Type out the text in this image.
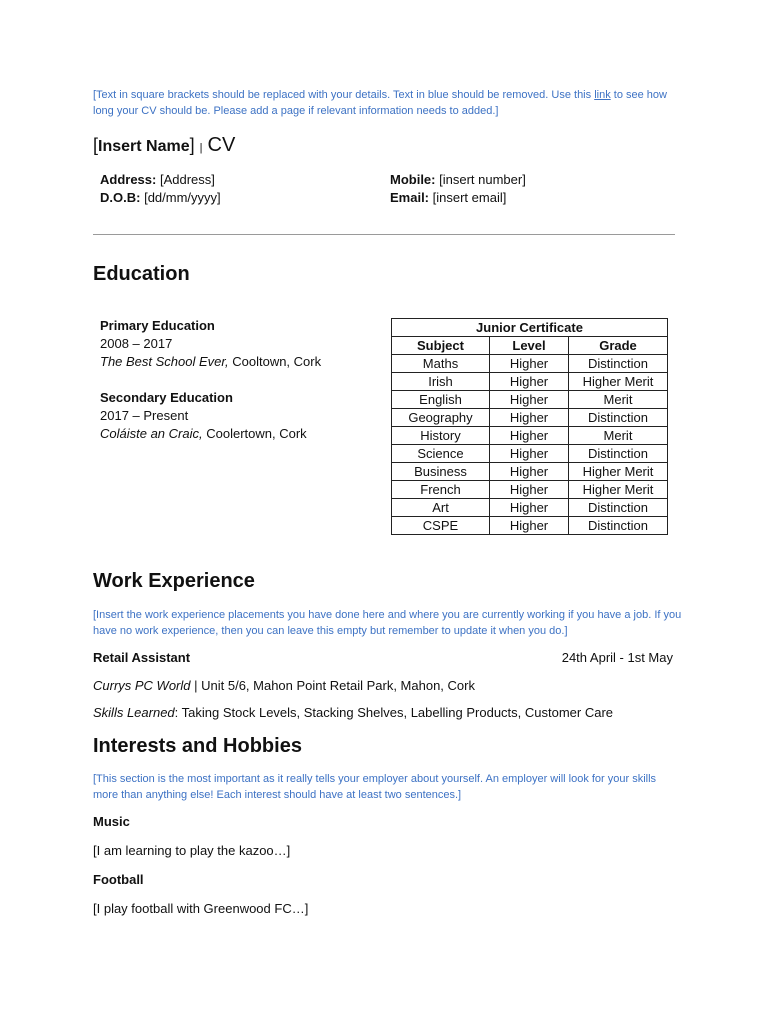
[Text in square brackets should be replaced with your details. Text in blue should be removed. Use this link to see how long your CV should be. Please add a page if relevant information needs to added.]
[Insert Name] | CV
Address: [Address]
D.O.B: [dd/mm/yyyy]
Mobile: [insert number]
Email: [insert email]
Education
Primary Education
2008 – 2017
The Best School Ever, Cooltown, Cork
Secondary Education
2017 – Present
Coláiste an Craic, Coolertown, Cork
Junior Certificate		
Subject	Level	Grade
Maths	Higher	Distinction
Irish	Higher	Higher Merit
English	Higher	Merit
Geography	Higher	Distinction
History	Higher	Merit
Science	Higher	Distinction
Business	Higher	Higher Merit
French	Higher	Higher Merit
Art	Higher	Distinction
CSPE	Higher	Distinction
Work Experience
[Insert the work experience placements you have done here and where you are currently working if you have a job. If you have no work experience, then you can leave this empty but remember to update it when you do.]
Retail Assistant	24th April - 1st May
Currys PC World | Unit 5/6, Mahon Point Retail Park, Mahon, Cork
Skills Learned: Taking Stock Levels, Stacking Shelves, Labelling Products, Customer Care
Interests and Hobbies
[This section is the most important as it really tells your employer about yourself. An employer will look for your skills more than anything else! Each interest should have at least two sentences.]
Music
[I am learning to play the kazoo…]
Football
[I play football with Greenwood FC…]
